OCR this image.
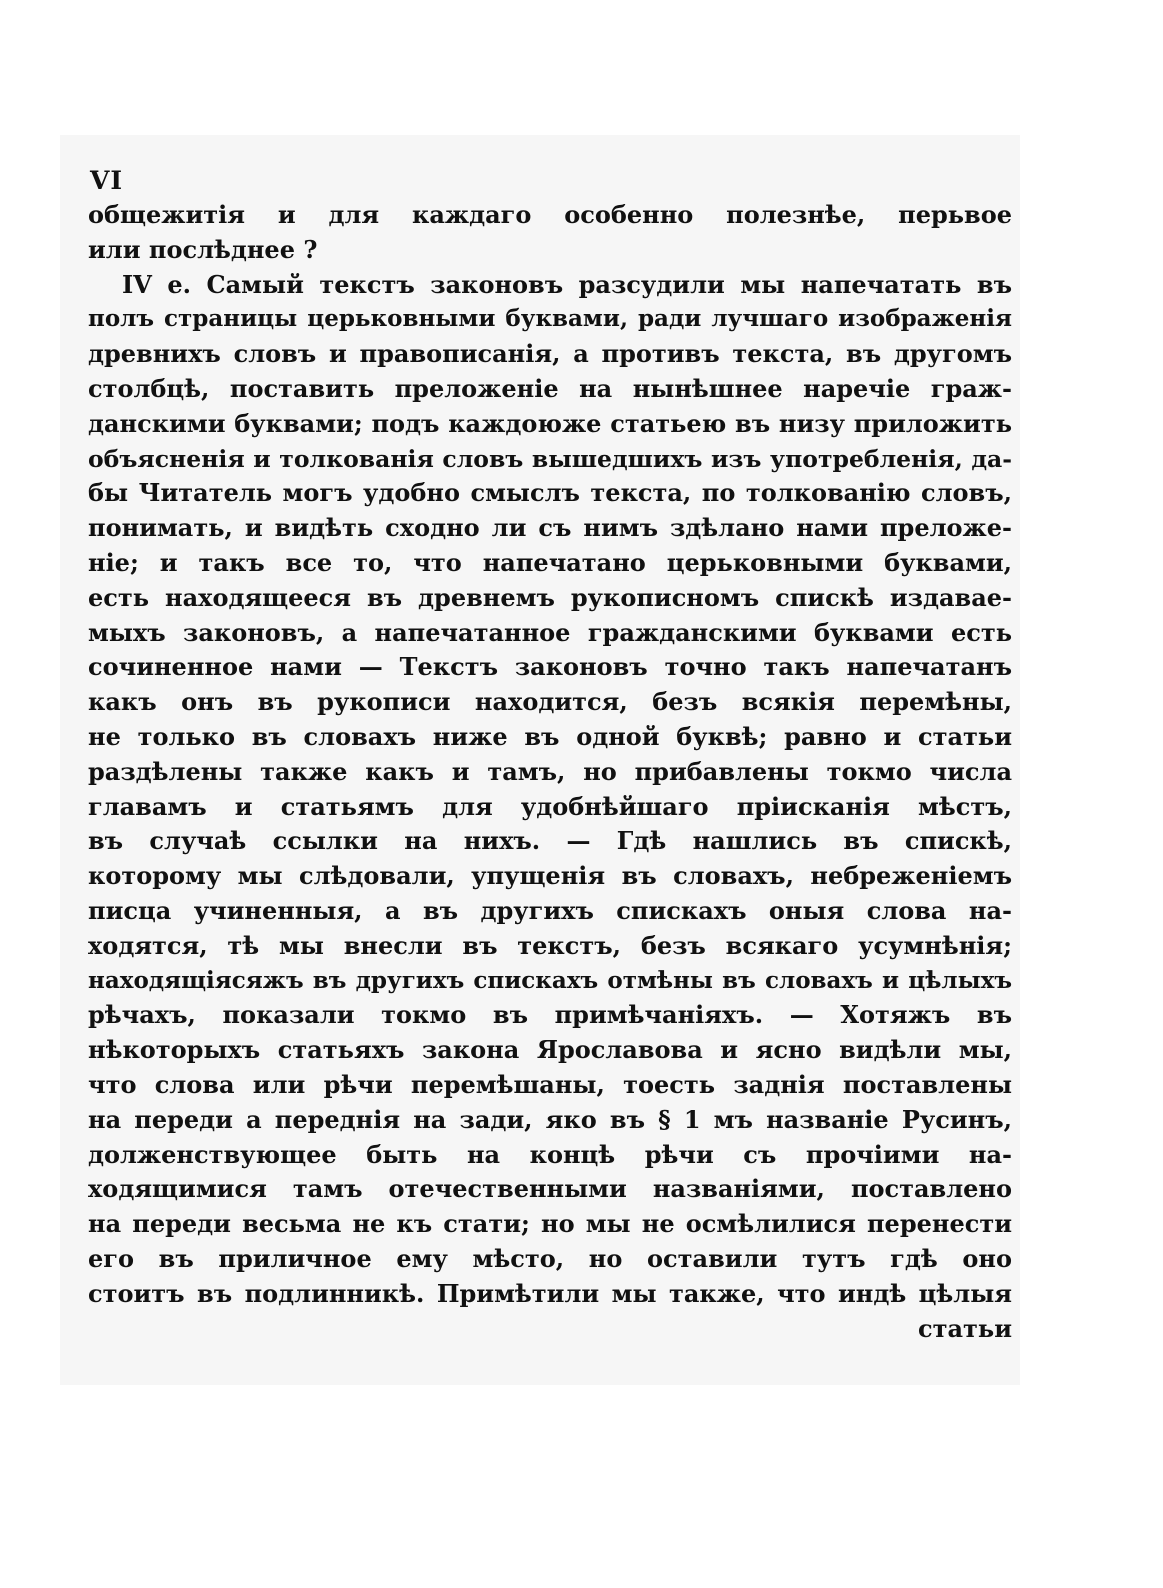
VI
общежитія и для каждаго особенно полезнѣе, перьвое
или послѣднее ?
IV е. Самый текстъ законовъ разсудили мы напечатать въ
полъ страницы церьковными буквами, ради лучшаго изображенія
древнихъ словъ и правописанія, а противъ текста, въ другомъ
столбцѣ, поставить преложеніе на нынѣшнее наречіе граж-
данскими буквами; подъ каждоюже статьею въ низу приложить
объясненія и толкованія словъ вышедшихъ изъ употребленія, да-
бы Читатель могъ удобно смыслъ текста, по толкованію словъ,
понимать, и видѣть сходно ли съ нимъ здѣлано нами преложе-
ніе; и такъ все то, что напечатано церьковными буквами,
есть находящееся въ древнемъ рукописномъ спискѣ издавае-
мыхъ законовъ, а напечатанное гражданскими буквами есть
сочиненное нами — Текстъ законовъ точно такъ напечатанъ
какъ онъ въ рукописи находится, безъ всякія перемѣны,
не только въ словахъ ниже въ одной буквѣ; равно и статьи
раздѣлены также какъ и тамъ, но прибавлены токмо числа
главамъ и статьямъ для удобнѣйшаго пріисканія мѣстъ,
въ случаѣ ссылки на нихъ. — Гдѣ нашлись въ спискѣ,
которому мы слѣдовали, упущенія въ словахъ, небреженіемъ
писца учиненныя, а въ другихъ спискахъ оныя слова на-
ходятся, тѣ мы внесли въ текстъ, безъ всякаго усумнѣнія;
находящіясяжъ въ другихъ спискахъ отмѣны въ словахъ и цѣлыхъ
рѣчахъ, показали токмо въ примѣчаніяхъ. — Хотяжъ въ
нѣкоторыхъ статьяхъ закона Ярославова и ясно видѣли мы,
что слова или рѣчи перемѣшаны, тоесть заднія поставлены
на переди а переднія на зади, яко въ § 1 мъ названіе Русинъ,
долженствующее быть на концѣ рѣчи съ прочіими на-
ходящимися тамъ отечественными названіями, поставлено
на переди весьма не къ стати; но мы не осмѣлилися перенести
его въ приличное ему мѣсто, но оставили тутъ гдѣ оно
стоитъ въ подлинникѣ. Примѣтили мы также, что индѣ цѣлыя
статьи
